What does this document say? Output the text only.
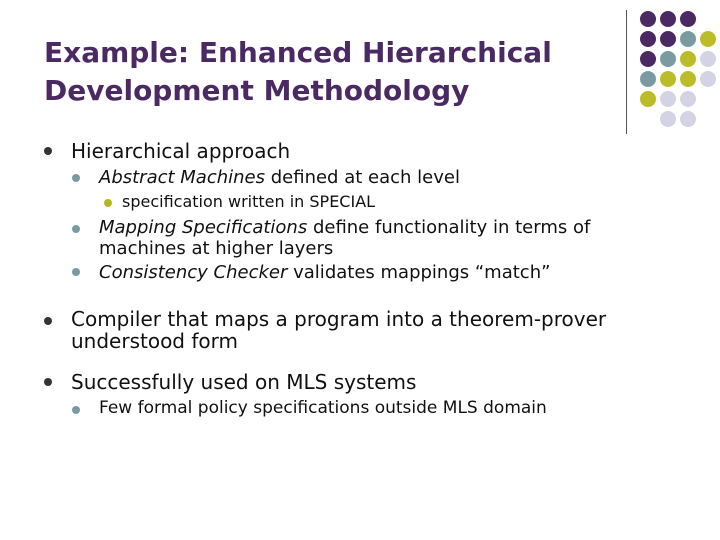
Example: Enhanced Hierarchical
Development Methodology
Hierarchical approach
Abstract Machines defined at each level
specification written in SPECIAL
Mapping Specifications define functionality in terms of
machines at higher layers
Consistency Checker validates mappings “match”
Compiler that maps a program into a theorem-prover
understood form
Successfully used on MLS systems
Few formal policy specifications outside MLS domain
